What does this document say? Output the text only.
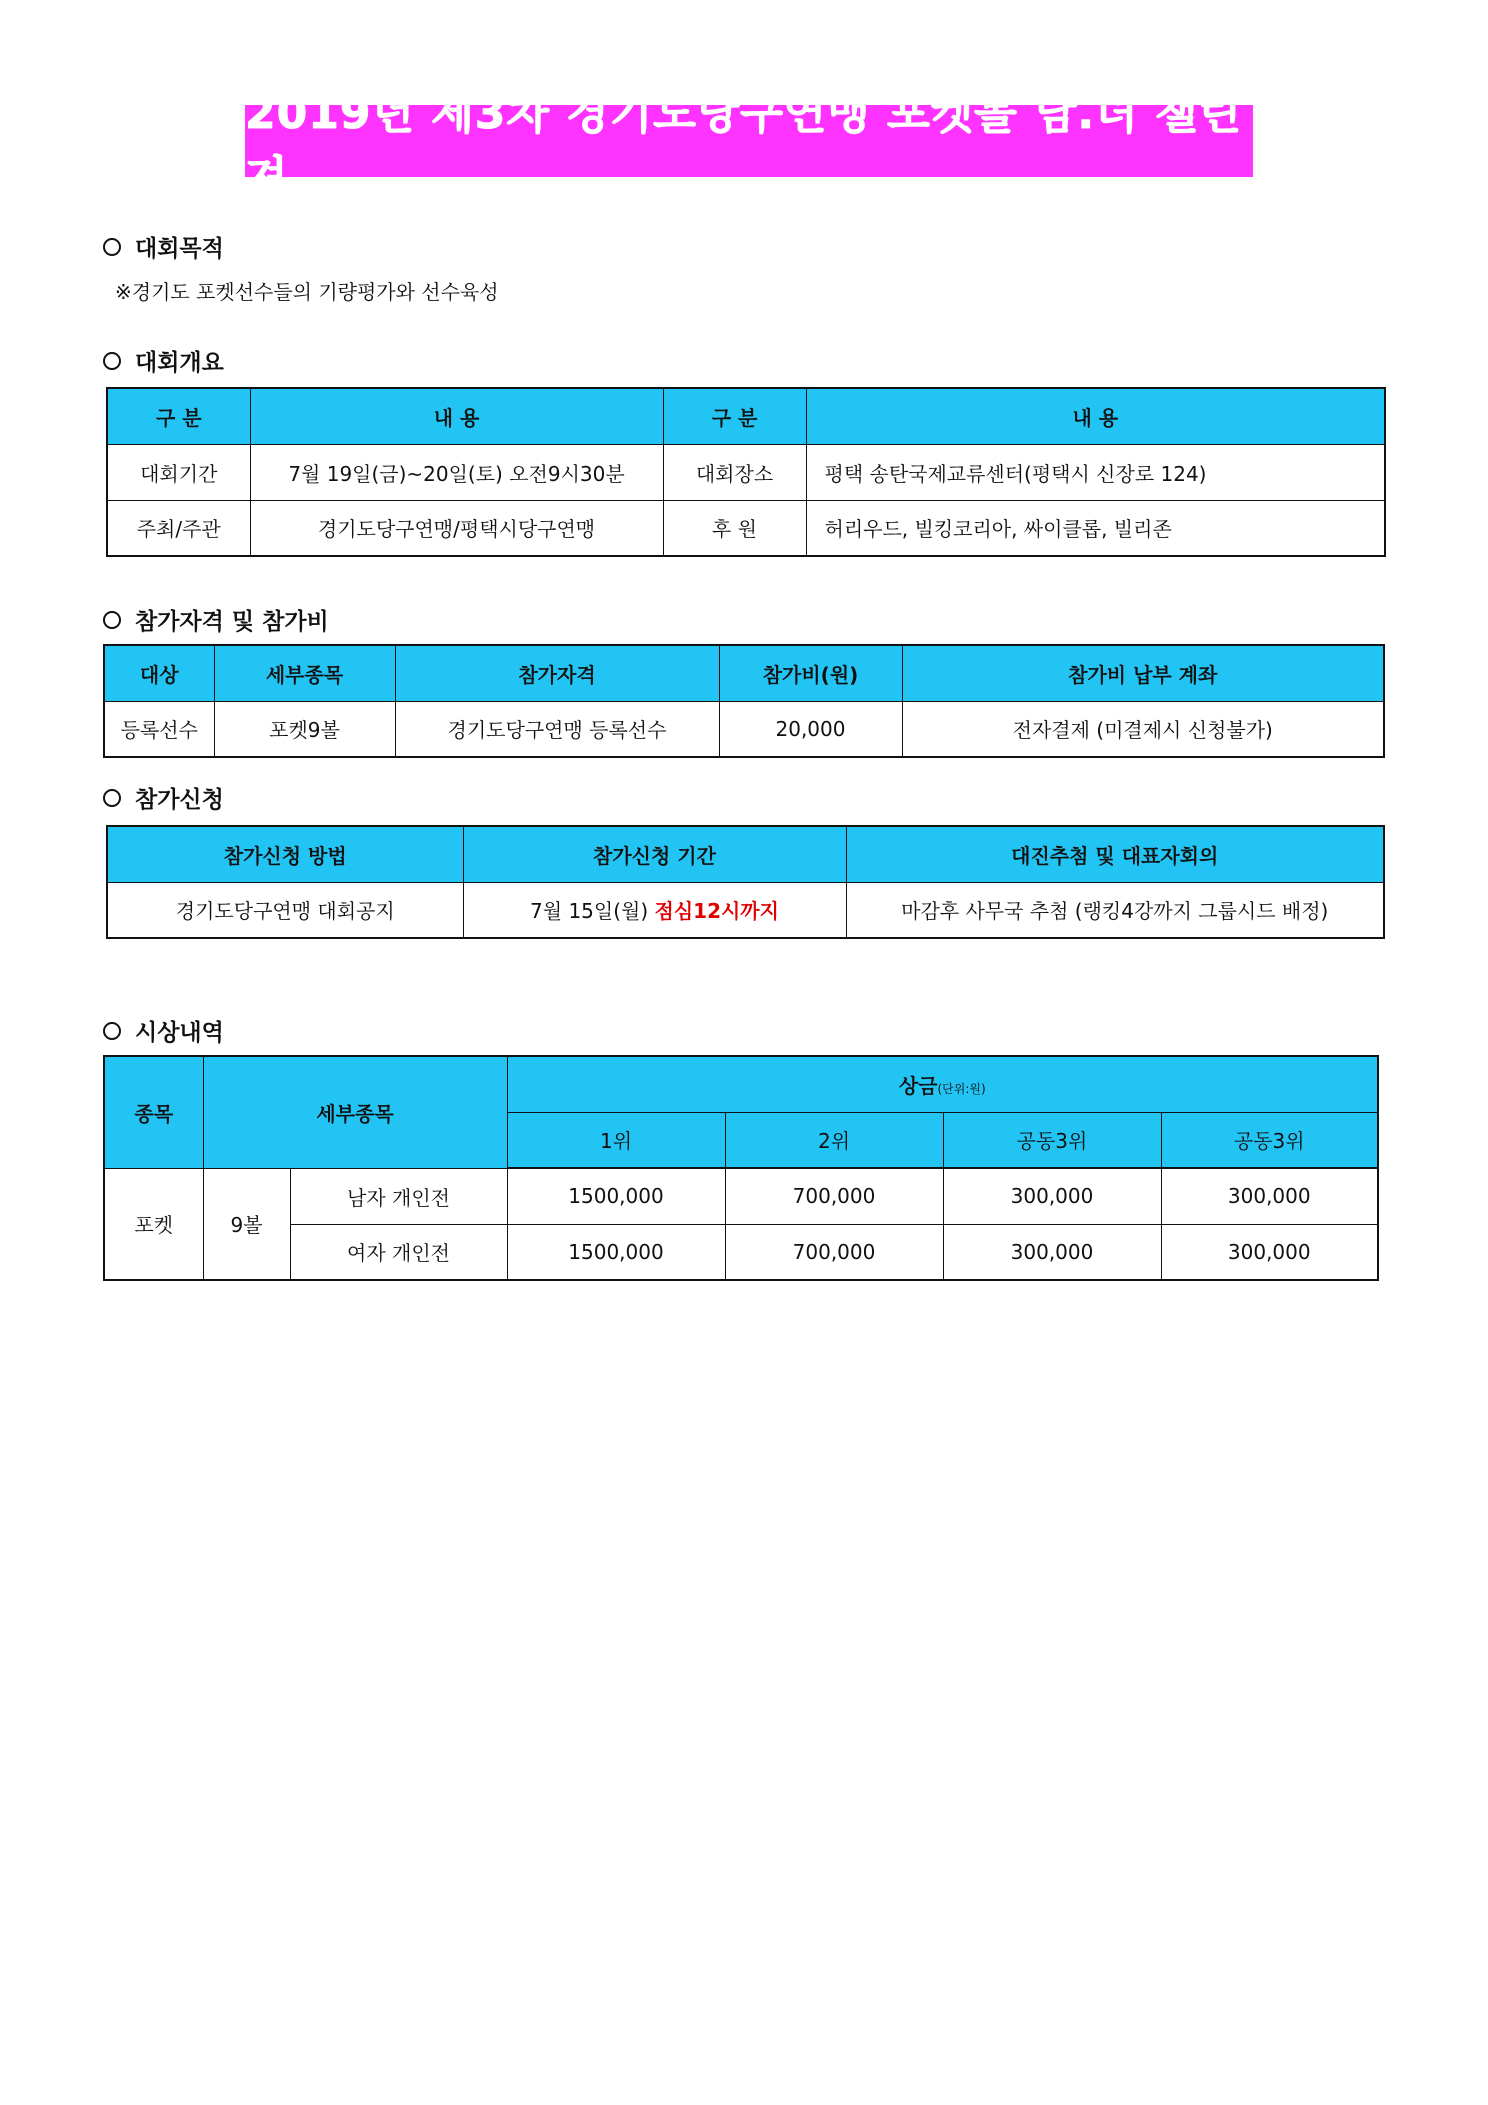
2019년 제3차 경기도당구연맹 포켓볼 남.녀 챌린져
대회목적
※경기도 포켓선수들의 기량평가와 선수육성
대회개요
구 분	내 용	구 분	내 용
대회기간	7월 19일(금)~20일(토) 오전9시30분	대회장소	평택 송탄국제교류센터(평택시 신장로 124)
주최/주관	경기도당구연맹/평택시당구연맹	후 원	허리우드, 빌킹코리아, 싸이클롭, 빌리존
참가자격 및 참가비
대상	세부종목	참가자격	참가비(원)	참가비 납부 계좌
등록선수	포켓9볼	경기도당구연맹 등록선수	20,000	전자결제 (미결제시 신청불가)
참가신청
참가신청 방법	참가신청 기간	대진추첨 및 대표자회의
경기도당구연맹 대회공지	7월 15일(월) 점심12시까지	마감후 사무국 추첨 (랭킹4강까지 그룹시드 배정)
시상내역
종목	세부종목		상금(단위:원)			
			1위	2위	공동3위	공동3위
포켓	9볼	남자 개인전	1500,000	700,000	300,000	300,000
		여자 개인전	1500,000	700,000	300,000	300,000
